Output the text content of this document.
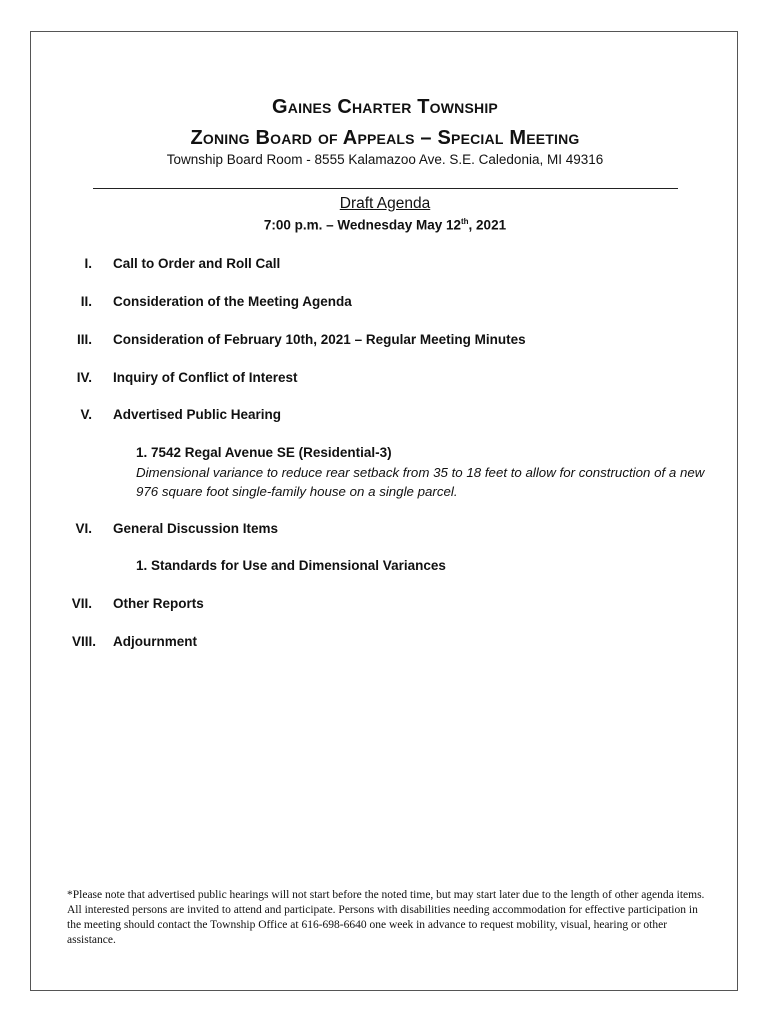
Gaines Charter Township
Zoning Board of Appeals – Special Meeting
Township Board Room - 8555 Kalamazoo Ave. S.E. Caledonia, MI 49316
Draft Agenda
7:00 p.m. – Wednesday May 12th, 2021
I. Call to Order and Roll Call
II. Consideration of the Meeting Agenda
III. Consideration of February 10th, 2021 – Regular Meeting Minutes
IV. Inquiry of Conflict of Interest
V. Advertised Public Hearing
1. 7542 Regal Avenue SE (Residential-3)
Dimensional variance to reduce rear setback from 35 to 18 feet to allow for construction of a new 976 square foot single-family house on a single parcel.
VI. General Discussion Items
1. Standards for Use and Dimensional Variances
VII. Other Reports
VIII. Adjournment
*Please note that advertised public hearings will not start before the noted time, but may start later due to the length of other agenda items. All interested persons are invited to attend and participate. Persons with disabilities needing accommodation for effective participation in the meeting should contact the Township Office at 616-698-6640 one week in advance to request mobility, visual, hearing or other assistance.
